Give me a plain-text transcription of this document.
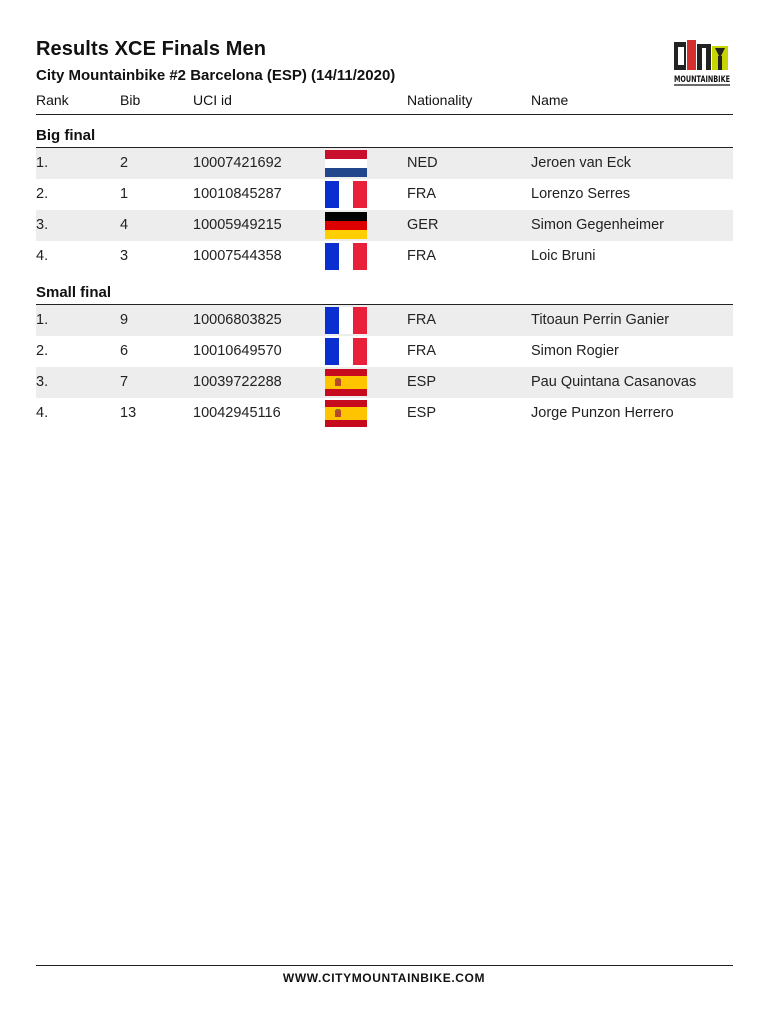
Results XCE Finals Men
City Mountainbike #2 Barcelona (ESP) (14/11/2020)	MOUNTAINBIKE
Rank	Bib	UCI id	Nationality	Name
Big final
1.	2	10007421692	NED	Jeroen van Eck
2.	1	10010845287	FRA	Lorenzo Serres
3.	4	10005949215	GER	Simon Gegenheimer
4.	3	10007544358	FRA	Loic Bruni
Small final
1.	9	10006803825	FRA	Titoaun Perrin Ganier
2.	6	10010649570	FRA	Simon Rogier
3.	7	10039722288	ESP	Pau Quintana Casanovas
4.	13	10042945116	ESP	Jorge Punzon Herrero
WWW.CITYMOUNTAINBIKE.COM
